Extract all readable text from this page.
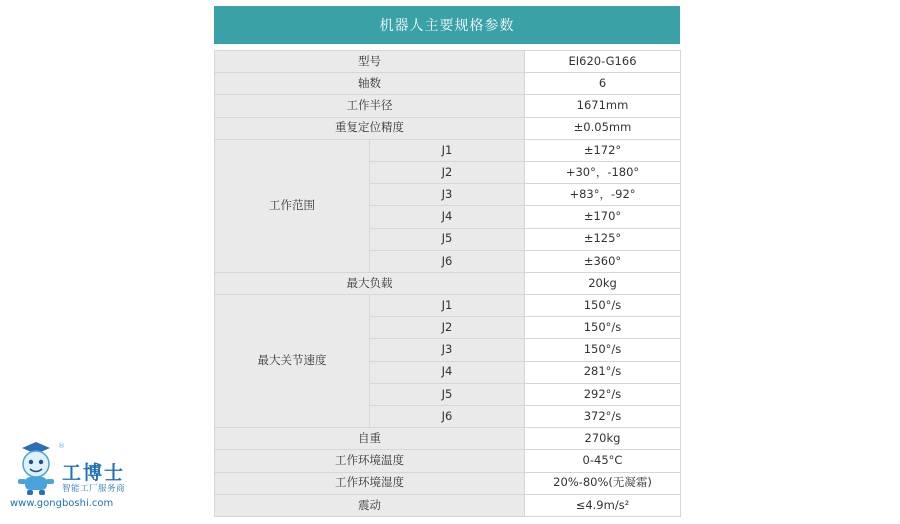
机器人主要规格参数
型号		EI620-G166
轴数		6
工作半径		1671mm
重复定位精度		±0.05mm
工作范围	J1	±172°
	J2	+30°，-180°
	J3	+83°，-92°
	J4	±170°
	J5	±125°
	J6	±360°
最大负载		20kg
最大关节速度	J1	150°/s
	J2	150°/s
	J3	150°/s
	J4	281°/s
	J5	292°/s
	J6	372°/s
自重		270kg
工作环境温度		0-45°C
工作环境湿度		20%-80%(无凝霜)
震动		≤4.9m/s²
®
工博士
智能工厂服务商
www.gongboshi.com
